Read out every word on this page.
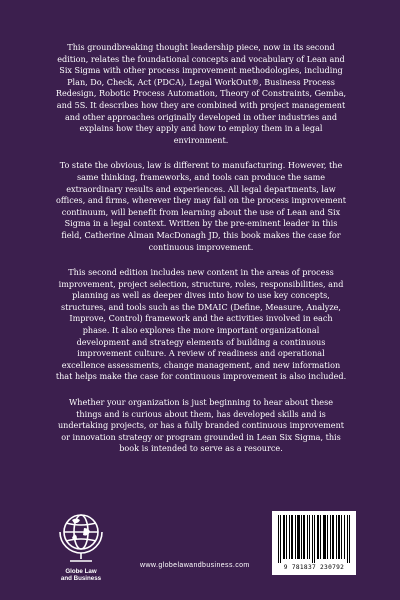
This groundbreaking thought leadership piece, now in its second edition, relates the foundational concepts and vocabulary of Lean and Six Sigma with other process improvement methodologies, including Plan, Do, Check, Act (PDCA), Legal WorkOut®, Business Process Redesign, Robotic Process Automation, Theory of Constraints, Gemba, and 5S. It describes how they are combined with project management and other approaches originally developed in other industries and explains how they apply and how to employ them in a legal environment.

To state the obvious, law is different to manufacturing. However, the same thinking, frameworks, and tools can produce the same extraordinary results and experiences. All legal departments, law offices, and firms, wherever they may fall on the process improvement continuum, will benefit from learning about the use of Lean and Six Sigma in a legal context. Written by the pre-eminent leader in this field, Catherine Alman MacDonagh JD, this book makes the case for continuous improvement.

This second edition includes new content in the areas of process improvement, project selection, structure, roles, responsibilities, and planning as well as deeper dives into how to use key concepts, structures, and tools such as the DMAIC (Define, Measure, Analyze, Improve, Control) framework and the activities involved in each phase. It also explores the more important organizational development and strategy elements of building a continuous improvement culture. A review of readiness and operational excellence assessments, change management, and new information that helps make the case for continuous improvement is also included.

Whether your organization is just beginning to hear about these things and is curious about them, has developed skills and is undertaking projects, or has a fully branded continuous improvement or innovation strategy or program grounded in Lean Six Sigma, this book is intended to serve as a resource.

Globe Law
and Business
www.globelawandbusiness.com	9 781837 230792
